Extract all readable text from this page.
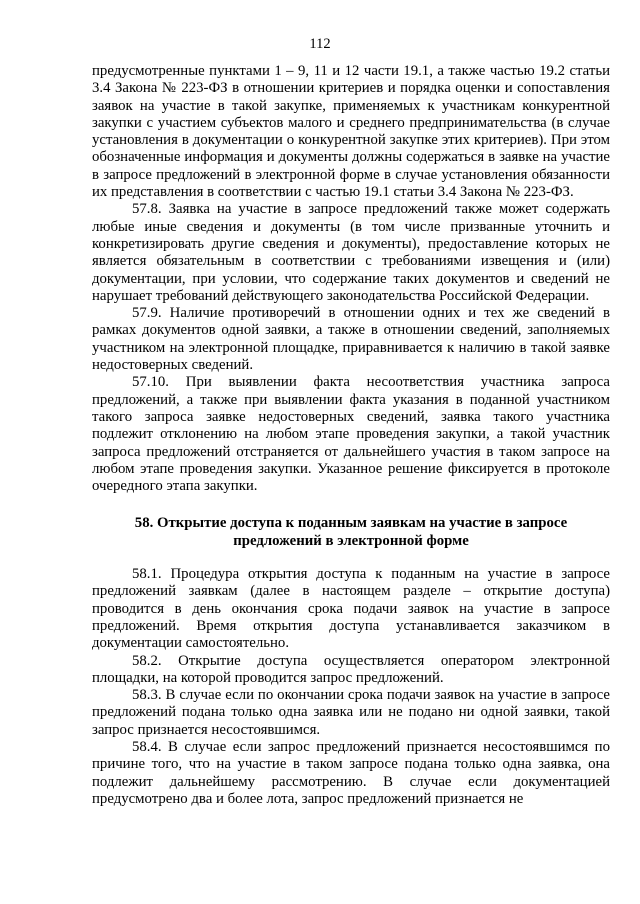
112

предусмотренные пунктами 1 – 9, 11 и 12 части 19.1, а также частью 19.2 статьи 3.4 Закона № 223-ФЗ в отношении критериев и порядка оценки и сопоставления заявок на участие в такой закупке, применяемых к участникам конкурентной закупки с участием субъектов малого и среднего предпринимательства (в случае установления в документации о конкурентной закупке этих критериев). При этом обозначенные информация и документы должны содержаться в заявке на участие в запросе предложений в электронной форме в случае установления обязанности их представления в соответствии с частью 19.1 статьи 3.4 Закона № 223-ФЗ.

57.8. Заявка на участие в запросе предложений также может содержать любые иные сведения и документы (в том числе призванные уточнить и конкретизировать другие сведения и документы), предоставление которых не является обязательным в соответствии с требованиями извещения и (или) документации, при условии, что содержание таких документов и сведений не нарушает требований действующего законодательства Российской Федерации.

57.9. Наличие противоречий в отношении одних и тех же сведений в рамках документов одной заявки, а также в отношении сведений, заполняемых участником на электронной площадке, приравнивается к наличию в такой заявке недостоверных сведений.

57.10. При выявлении факта несоответствия участника запроса предложений, а также при выявлении факта указания в поданной участником такого запроса заявке недостоверных сведений, заявка такого участника подлежит отклонению на любом этапе проведения закупки, а такой участник запроса предложений отстраняется от дальнейшего участия в таком запросе на любом этапе проведения закупки. Указанное решение фиксируется в протоколе очередного этапа закупки.

58. Открытие доступа к поданным заявкам на участие в запросе предложений в электронной форме

58.1. Процедура открытия доступа к поданным на участие в запросе предложений заявкам (далее в настоящем разделе – открытие доступа) проводится в день окончания срока подачи заявок на участие в запросе предложений. Время открытия доступа устанавливается заказчиком в документации самостоятельно.

58.2. Открытие доступа осуществляется оператором электронной площадки, на которой проводится запрос предложений.

58.3. В случае если по окончании срока подачи заявок на участие в запросе предложений подана только одна заявка или не подано ни одной заявки, такой запрос признается несостоявшимся.

58.4. В случае если запрос предложений признается несостоявшимся по причине того, что на участие в таком запросе подана только одна заявка, она подлежит дальнейшему рассмотрению. В случае если документацией предусмотрено два и более лота, запрос предложений признается не
